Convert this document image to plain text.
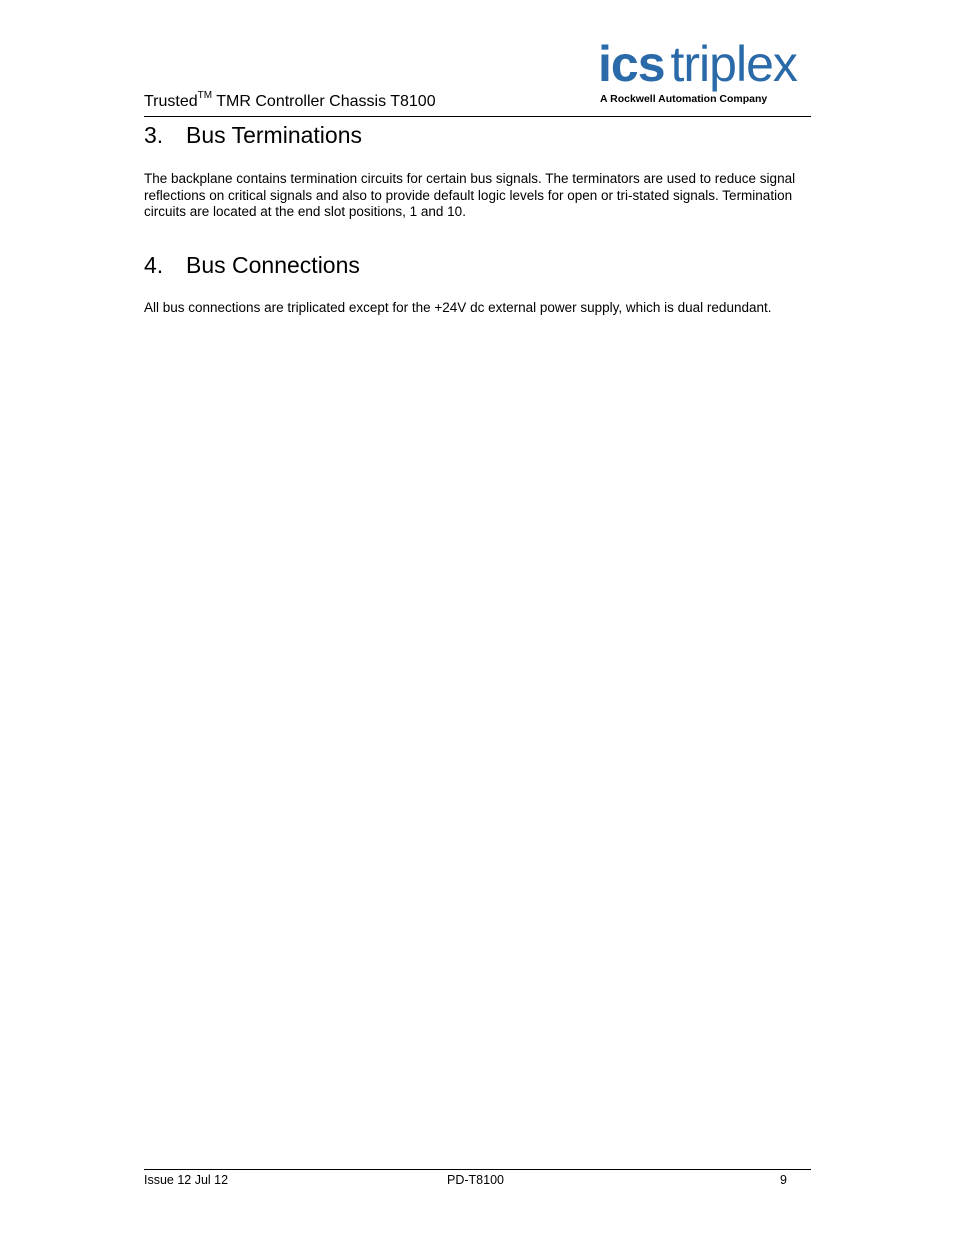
Trusted™ TMR Controller Chassis T8100
ics triplex
A Rockwell Automation Company
3. Bus Terminations
The backplane contains termination circuits for certain bus signals. The terminators are used to reduce signal reflections on critical signals and also to provide default logic levels for open or tri-stated signals. Termination circuits are located at the end slot positions, 1 and 10.
4. Bus Connections
All bus connections are triplicated except for the +24V dc external power supply, which is dual redundant.
Issue 12 Jul 12	PD-T8100	9
